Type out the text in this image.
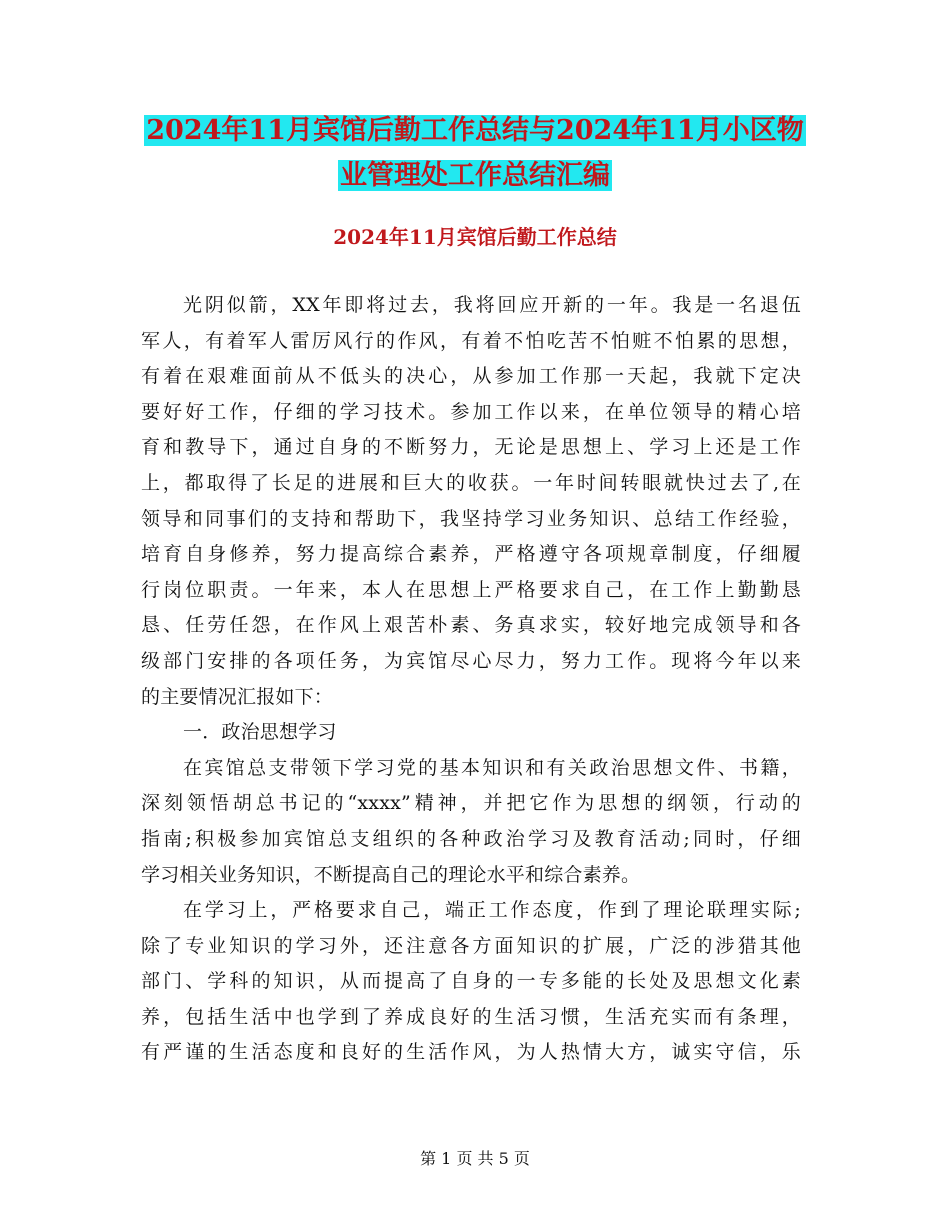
2024年11月宾馆后勤工作总结与2024年11月小区物
业管理处工作总结汇编
2024年11月宾馆后勤工作总结
光阴似箭，XX年即将过去，我将回应开新的一年。我是一名退伍
军人，有着军人雷厉风行的作风，有着不怕吃苦不怕赃不怕累的思想，
有着在艰难面前从不低头的决心，从参加工作那一天起，我就下定决
要好好工作，仔细的学习技术。参加工作以来，在单位领导的精心培
育和教导下，通过自身的不断努力，无论是思想上、学习上还是工作
上，都取得了长足的进展和巨大的收获。一年时间转眼就快过去了,在
领导和同事们的支持和帮助下，我坚持学习业务知识、总结工作经验，
培育自身修养，努力提高综合素养，严格遵守各项规章制度，仔细履
行岗位职责。一年来，本人在思想上严格要求自己，在工作上勤勤恳
恳、任劳任怨，在作风上艰苦朴素、务真求实，较好地完成领导和各
级部门安排的各项任务，为宾馆尽心尽力，努力工作。现将今年以来
的主要情况汇报如下：
一．政治思想学习
在宾馆总支带领下学习党的基本知识和有关政治思想文件、书籍，
深刻领悟胡总书记的“xxxx”精神，并把它作为思想的纲领，行动的
指南;积极参加宾馆总支组织的各种政治学习及教育活动;同时，仔细
学习相关业务知识，不断提高自己的理论水平和综合素养。
在学习上，严格要求自己，端正工作态度，作到了理论联理实际;
除了专业知识的学习外，还注意各方面知识的扩展，广泛的涉猎其他
部门、学科的知识，从而提高了自身的一专多能的长处及思想文化素
养，包括生活中也学到了养成良好的生活习惯，生活充实而有条理，
有严谨的生活态度和良好的生活作风，为人热情大方，诚实守信，乐
第 1 页 共 5 页
